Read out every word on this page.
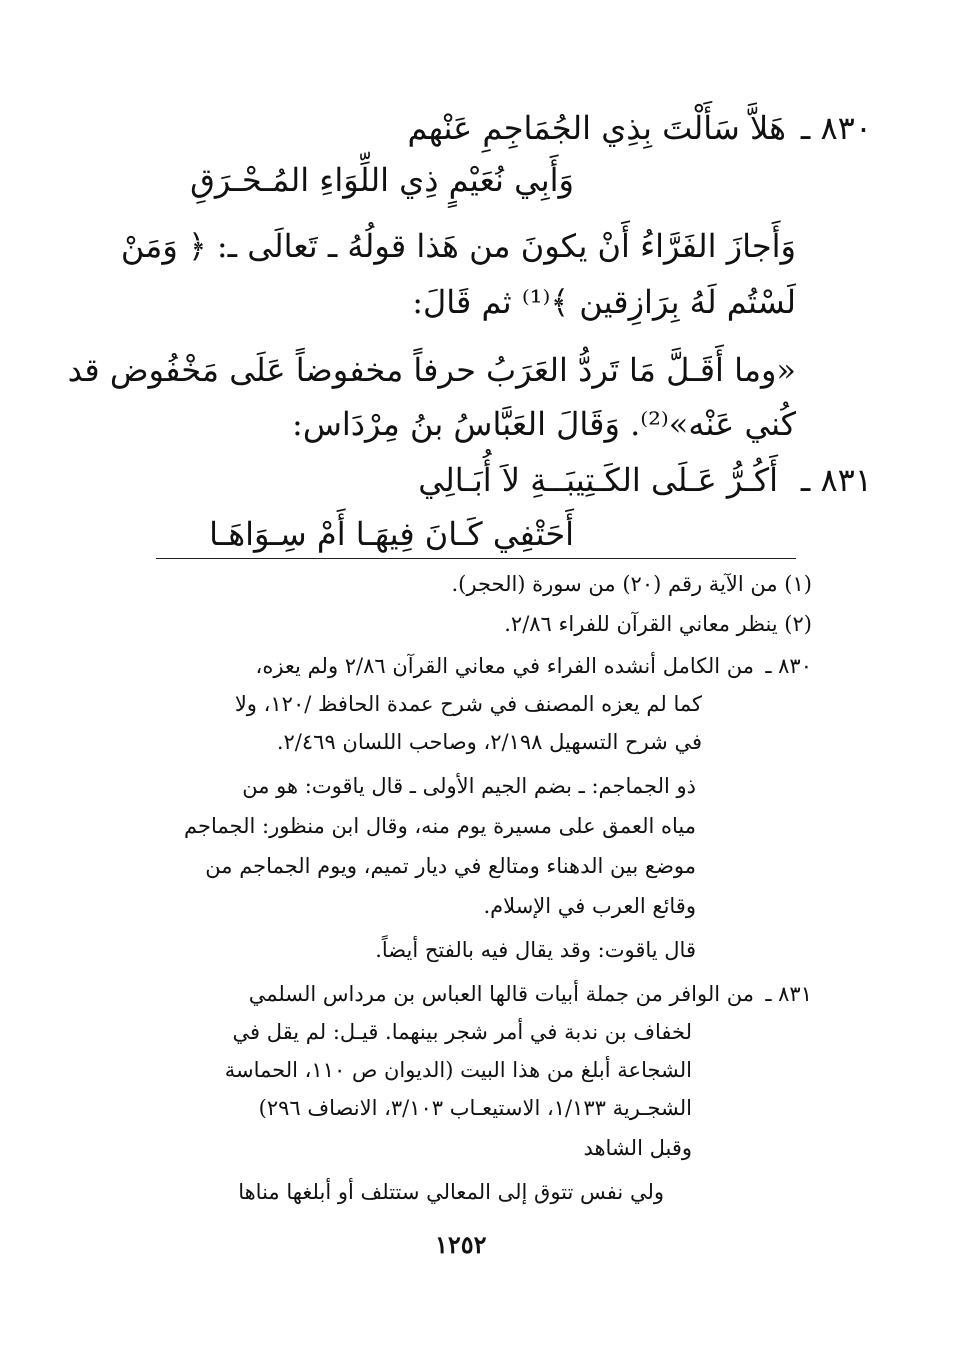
٨٣٠ ـ
هَلاَّ سَأَلْتَ بِذِي الجُمَاجِمِ عَنْهم
وَأَبِي نُعَيْمٍ ذِي اللِّوَاءِ المُـحْـرَقِ
وَأَجازَ الفَرَّاءُ أَنْ يكونَ من هَذا قولُهُ ـ تَعالَى ـ: ﴿ وَمَنْ
لَسْتُم لَهُ بِرَازِقين ﴾⁽¹⁾ ثم قَالَ:
«وما أَقَـلَّ مَا تَردُّ العَرَبُ حرفاً مخفوضاً عَلَى مَخْفُوض قد
كُني عَنْه»⁽²⁾. وَقَالَ العَبَّاسُ بنُ مِرْدَاس:
٨٣١ ـ
أَكُـرُّ عَـلَى الكَـتِيبَــةِ لاَ أُبَـالِي
أَحَتْفِي كَـانَ فِيهَـا أَمْ سِـوَاهَـا
(١) من الآية رقم (٢٠) من سورة (الحجر).
(٢) ينظر معاني القرآن للفراء ٢/٨٦.
٨٣٠ ـ
من الكامل أنشده الفراء في معاني القرآن ٢/٨٦ ولم يعزه،
كما لم يعزه المصنف في شرح عمدة الحافظ /١٢٠، ولا
في شرح التسهيل ٢/١٩٨، وصاحب اللسان ٢/٤٦٩.
ذو الجماجم: ـ بضم الجيم الأولى ـ قال ياقوت: هو من
مياه العمق على مسيرة يوم منه، وقال ابن منظور: الجماجم
موضع بين الدهناء ومتالع في ديار تميم، ويوم الجماجم من
وقائع العرب في الإسلام.
قال ياقوت: وقد يقال فيه بالفتح أيضاً.
٨٣١ ـ
من الوافر من جملة أبيات قالها العباس بن مرداس السلمي
لخفاف بن ندبة في أمر شجر بينهما. قيـل: لم يقل في
الشجاعة أبلغ من هذا البيت (الديوان ص ١١٠، الحماسة
الشجـرية ١/١٣٣، الاستيعـاب ٣/١٠٣، الانصاف ٢٩٦)
وقبل الشاهد
ولي نفس تتوق إلى المعالي ستتلف أو أبلغها مناها
١٢٥٢
